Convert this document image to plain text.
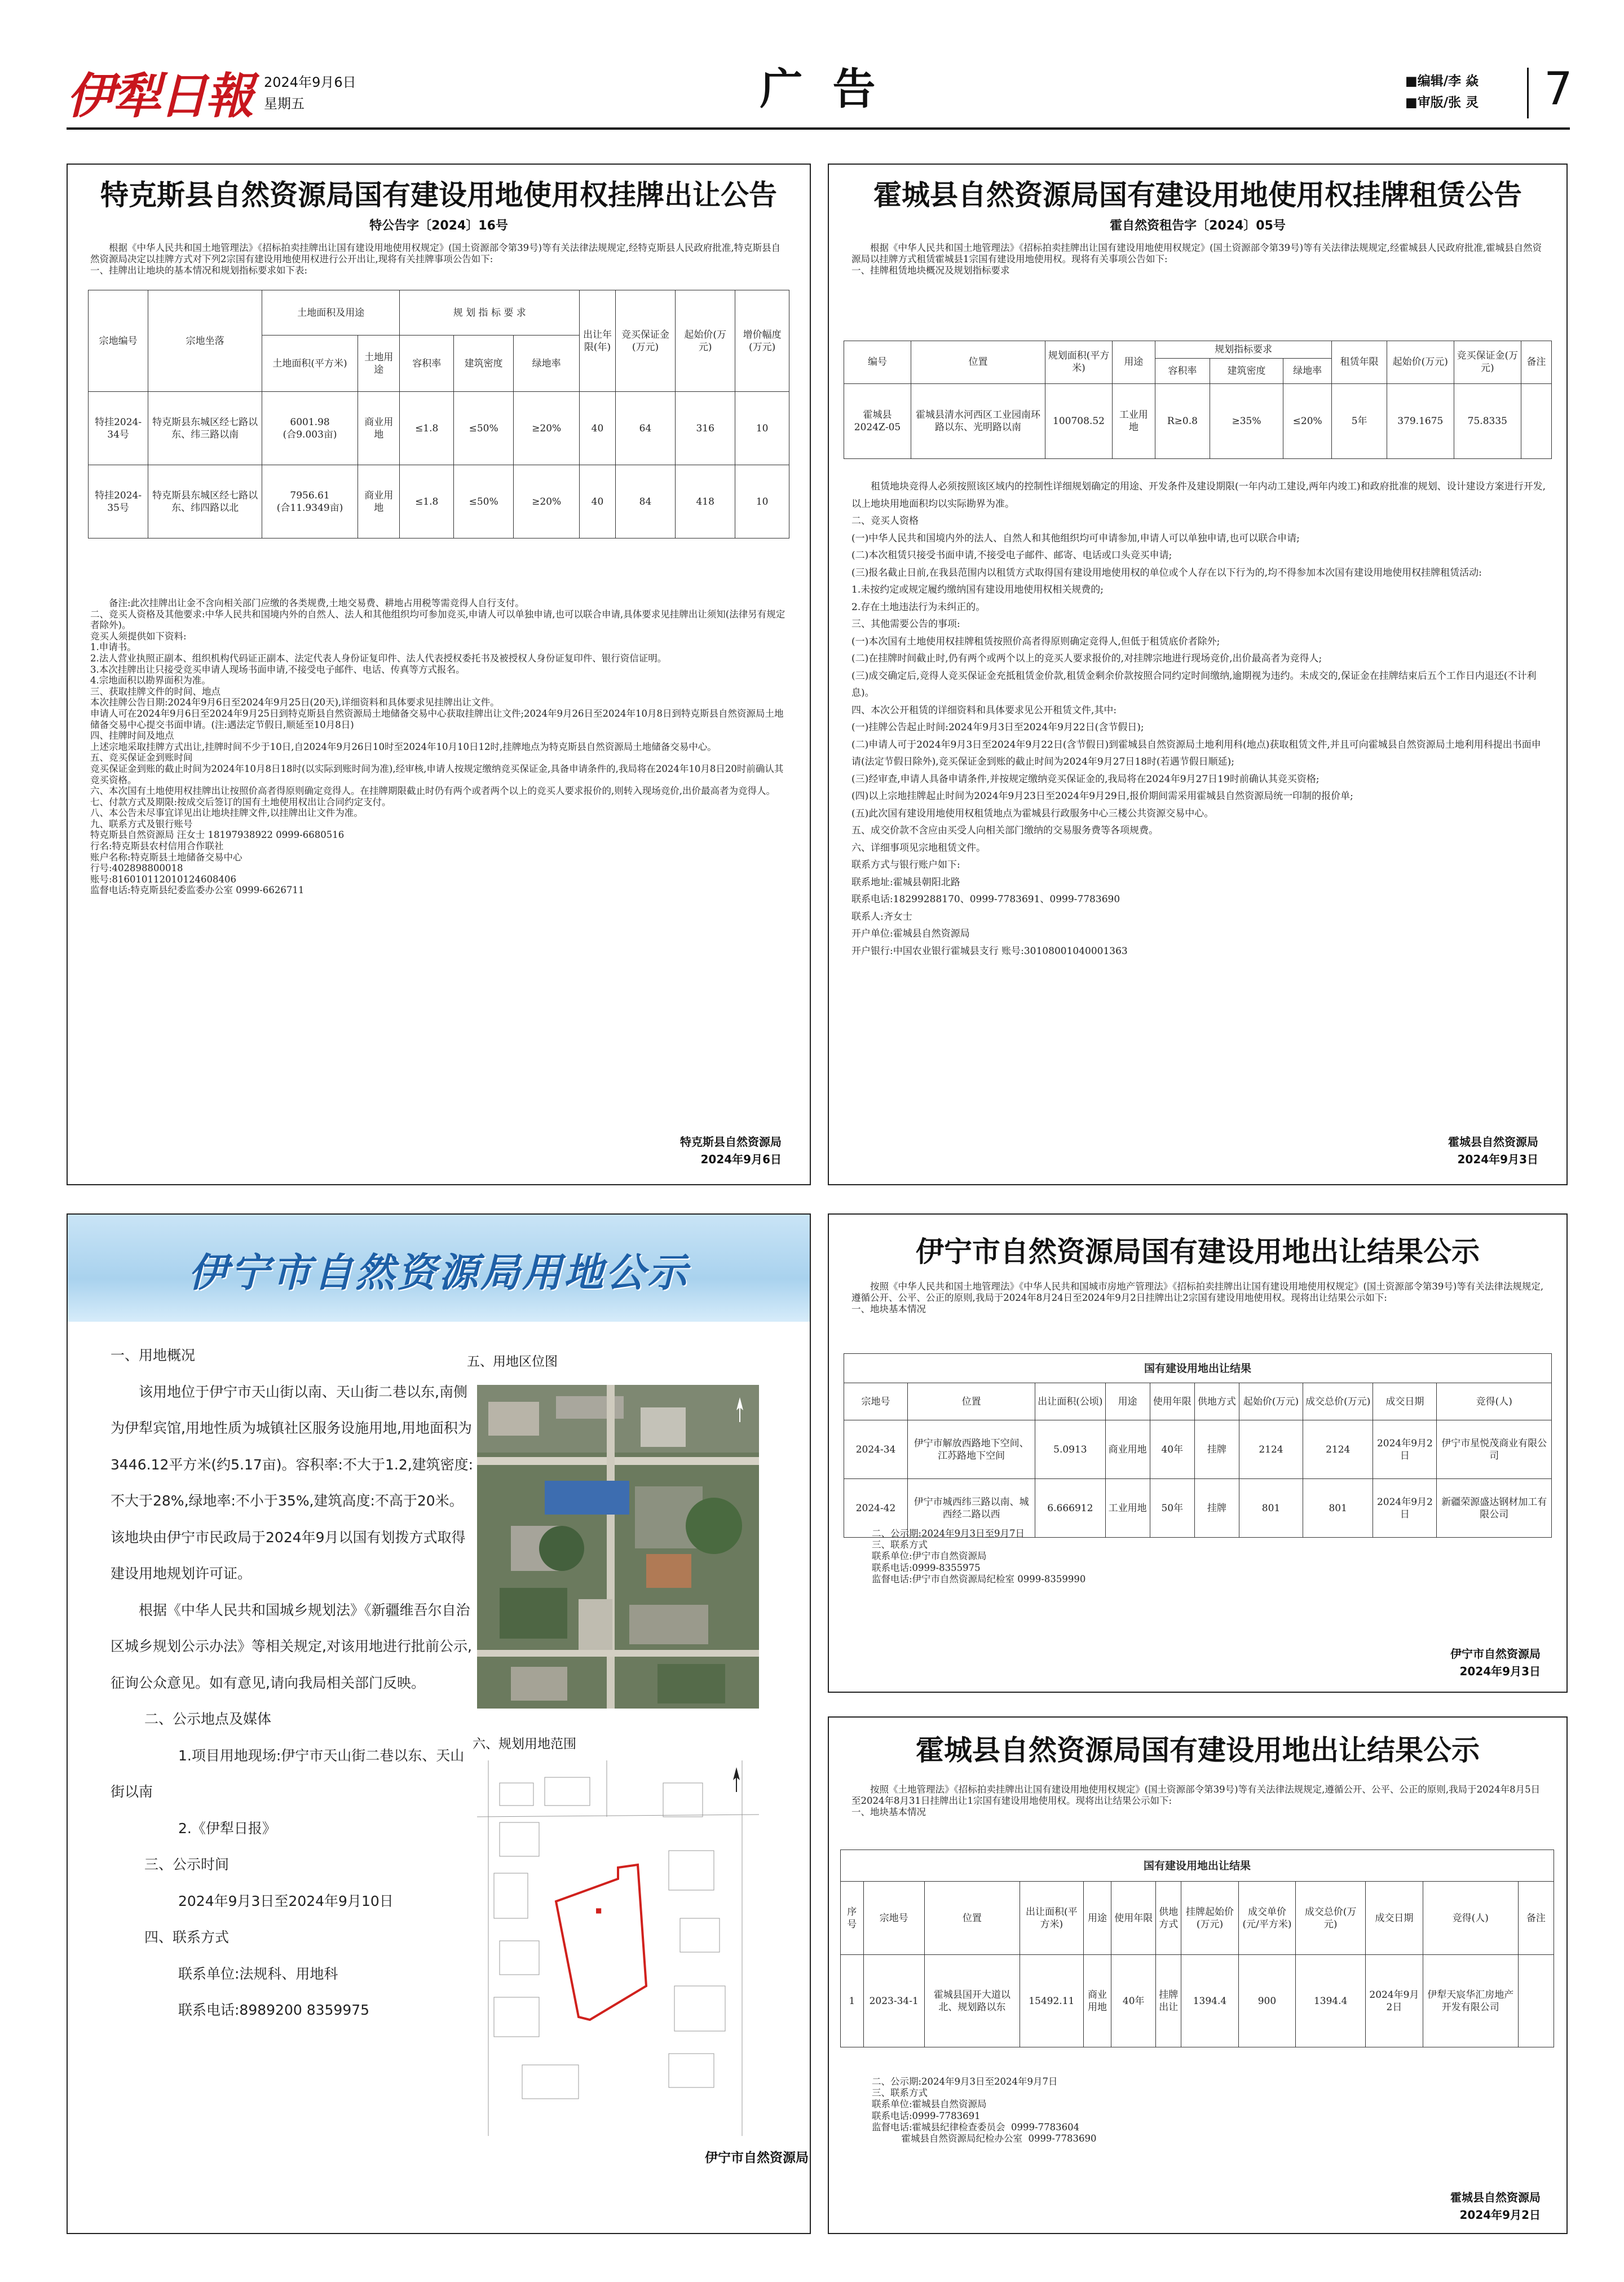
伊犁日報 2024年9月6日
星期五	广  告	■编辑/李 焱
■审版/张 灵 7
特克斯县自然资源局国有建设用地使用权挂牌出让公告
特公告字〔2024〕16号
根据《中华人民共和国土地管理法》《招标拍卖挂牌出让国有建设用地使用权规定》(国土资源部令第39号)等有关法律法规规定,经特克斯县人民政府批准,特克斯县自然资源局决定以挂牌方式对下列2宗国有建设用地使用权进行公开出让,现将有关挂牌事项公告如下:
一、挂牌出让地块的基本情况和规划指标要求如下表:
宗地编号	宗地坐落	土地面积及用途		规 划 指 标 要 求			出让年限(年)	竞买保证金(万元)	起始价(万元)	增价幅度(万元)
		土地面积(平方米)	土地用途	容积率	建筑密度	绿地率				
特挂2024-34号	特克斯县东城区经七路以东、纬三路以南	6001.98
(合9.003亩)	商业用地	≤1.8	≤50%	≥20%	40	64	316	10
特挂2024-35号	特克斯县东城区经七路以东、纬四路以北	7956.61
(合11.9349亩)	商业用地	≤1.8	≤50%	≥20%	40	84	418	10
备注:此次挂牌出让金不含向相关部门应缴的各类规费,土地交易费、耕地占用税等需竞得人自行支付。
二、竞买人资格及其他要求:中华人民共和国境内外的自然人、法人和其他组织均可参加竞买,申请人可以单独申请,也可以联合申请,具体要求见挂牌出让须知(法律另有规定者除外)。
竞买人须提供如下资料:
1.申请书。
2.法人营业执照正副本、组织机构代码证正副本、法定代表人身份证复印件、法人代表授权委托书及被授权人身份证复印件、银行资信证明。
3.本次挂牌出让只接受竞买申请人现场书面申请,不接受电子邮件、电话、传真等方式报名。
4.宗地面积以勘界面积为准。
三、获取挂牌文件的时间、地点
本次挂牌公告日期:2024年9月6日至2024年9月25日(20天),详细资料和具体要求见挂牌出让文件。
申请人可在2024年9月6日至2024年9月25日到特克斯县自然资源局土地储备交易中心获取挂牌出让文件;2024年9月26日至2024年10月8日到特克斯县自然资源局土地储备交易中心提交书面申请。(注:遇法定节假日,顺延至10月8日)
四、挂牌时间及地点
上述宗地采取挂牌方式出让,挂牌时间不少于10日,自2024年9月26日10时至2024年10月10日12时,挂牌地点为特克斯县自然资源局土地储备交易中心。
五、竞买保证金到账时间
竞买保证金到账的截止时间为2024年10月8日18时(以实际到账时间为准),经审核,申请人按规定缴纳竞买保证金,具备申请条件的,我局将在2024年10月8日20时前确认其竞买资格。
六、本次国有土地使用权挂牌出让按照价高者得原则确定竞得人。在挂牌期限截止时仍有两个或者两个以上的竞买人要求报价的,则转入现场竞价,出价最高者为竞得人。
七、付款方式及期限:按成交后签订的国有土地使用权出让合同约定支付。
八、本公告未尽事宜详见出让地块挂牌文件,以挂牌出让文件为准。
九、联系方式及银行账号
特克斯县自然资源局 汪女士 18197938922 0999-6680516
行名:特克斯县农村信用合作联社
账户名称:特克斯县土地储备交易中心
行号:402898800018
账号:816010112010124608406
监督电话:特克斯县纪委监委办公室 0999-6626711
特克斯县自然资源局
2024年9月6日
霍城县自然资源局国有建设用地使用权挂牌租赁公告
霍自然资租告字〔2024〕05号
根据《中华人民共和国土地管理法》《招标拍卖挂牌出让国有建设用地使用权规定》(国土资源部令第39号)等有关法律法规规定,经霍城县人民政府批准,霍城县自然资源局以挂牌方式租赁霍城县1宗国有建设用地使用权。现将有关事项公告如下:
一、挂牌租赁地块概况及规划指标要求
编号	位置	规划面积(平方米)	用途	规划指标要求			租赁年限	起始价(万元)	竞买保证金(万元)	备注
				容积率	建筑密度	绿地率				
霍城县2024Z-05	霍城县清水河西区工业园南环路以东、光明路以南	100708.52	工业用地	R≥0.8	≥35%	≤20%	5年	379.1675	75.8335	
租赁地块竞得人必须按照该区域内的控制性详细规划确定的用途、开发条件及建设期限(一年内动工建设,两年内竣工)和政府批准的规划、设计建设方案进行开发,以上地块用地面积均以实际勘界为准。
二、竞买人资格
(一)中华人民共和国境内外的法人、自然人和其他组织均可申请参加,申请人可以单独申请,也可以联合申请;
(二)本次租赁只接受书面申请,不接受电子邮件、邮寄、电话或口头竞买申请;
(三)报名截止日前,在我县范围内以租赁方式取得国有建设用地使用权的单位或个人存在以下行为的,均不得参加本次国有建设用地使用权挂牌租赁活动:
1.未按约定或规定履约缴纳国有建设用地使用权相关规费的;
2.存在土地违法行为未纠正的。
三、其他需要公告的事项:
(一)本次国有土地使用权挂牌租赁按照价高者得原则确定竞得人,但低于租赁底价者除外;
(二)在挂牌时间截止时,仍有两个或两个以上的竞买人要求报价的,对挂牌宗地进行现场竞价,出价最高者为竞得人;
(三)成交确定后,竞得人竞买保证金充抵租赁金价款,租赁金剩余价款按照合同约定时间缴纳,逾期视为违约。未成交的,保证金在挂牌结束后五个工作日内退还(不计利息)。
四、本次公开租赁的详细资料和具体要求见公开租赁文件,其中:
(一)挂牌公告起止时间:2024年9月3日至2024年9月22日(含节假日);
(二)申请人可于2024年9月3日至2024年9月22日(含节假日)到霍城县自然资源局土地利用科(地点)获取租赁文件,并且可向霍城县自然资源局土地利用科提出书面申请(法定节假日除外),竞买保证金到账的截止时间为2024年9月27日18时(若遇节假日顺延);
(三)经审查,申请人具备申请条件,并按规定缴纳竞买保证金的,我局将在2024年9月27日19时前确认其竞买资格;
(四)以上宗地挂牌起止时间为2024年9月23日至2024年9月29日,报价期间需采用霍城县自然资源局统一印制的报价单;
(五)此次国有建设用地使用权租赁地点为霍城县行政服务中心三楼公共资源交易中心。
五、成交价款不含应由买受人向相关部门缴纳的交易服务费等各项规费。
六、详细事项见宗地租赁文件。
联系方式与银行账户如下:
联系地址:霍城县朝阳北路
联系电话:18299288170、0999-7783691、0999-7783690
联系人:齐女士
开户单位:霍城县自然资源局
开户银行:中国农业银行霍城县支行 账号:30108001040001363
霍城县自然资源局
2024年9月3日
伊宁市自然资源局用地公示

一、用地概况

该用地位于伊宁市天山街以南、天山街二巷以东,南侧为伊犁宾馆,用地性质为城镇社区服务设施用地,用地面积为3446.12平方米(约5.17亩)。容积率:不大于1.2,建筑密度:不大于28%,绿地率:不小于35%,建筑高度:不高于20米。该地块由伊宁市民政局于2024年9月以国有划拨方式取得建设用地规划许可证。

根据《中华人民共和国城乡规划法》《新疆维吾尔自治区城乡规划公示办法》等相关规定,对该用地进行批前公示,征询公众意见。如有意见,请向我局相关部门反映。

二、公示地点及媒体

1.项目用地现场:伊宁市天山街二巷以东、天山街以南

2.《伊犁日报》

三、公示时间

2024年9月3日至2024年9月10日

四、联系方式

联系单位:法规科、用地科

联系电话:8989200 8359975

五、用地区位图
六、规划用地范围
■
伊宁市自然资源局
伊宁市自然资源局国有建设用地出让结果公示
按照《中华人民共和国土地管理法》《中华人民共和国城市房地产管理法》《招标拍卖挂牌出让国有建设用地使用权规定》(国土资源部令第39号)等有关法律法规规定,遵循公开、公平、公正的原则,我局于2024年8月24日至2024年9月2日挂牌出让2宗国有建设用地使用权。现将出让结果公示如下:
一、地块基本情况
国有建设用地出让结果									
宗地号	位置	出让面积(公顷)	用途	使用年限	供地方式	起始价(万元)	成交总价(万元)	成交日期	竞得(人)
2024-34	伊宁市解放西路地下空间、江苏路地下空间	5.0913	商业用地	40年	挂牌	2124	2124	2024年9月2日	伊宁市星悦茂商业有限公司
2024-42	伊宁市城西纬三路以南、城西经二路以西	6.666912	工业用地	50年	挂牌	801	801	2024年9月2日	新疆荣源盛达钢材加工有限公司
二、公示期:2024年9月3日至9月7日
三、联系方式
联系单位:伊宁市自然资源局
联系电话:0999-8355975
监督电话:伊宁市自然资源局纪检室 0999-8359990
伊宁市自然资源局
2024年9月3日
霍城县自然资源局国有建设用地出让结果公示
按照《土地管理法》《招标拍卖挂牌出让国有建设用地使用权规定》(国土资源部令第39号)等有关法律法规规定,遵循公开、公平、公正的原则,我局于2024年8月5日至2024年8月31日挂牌出让1宗国有建设用地使用权。现将出让结果公示如下:
一、地块基本情况
国有建设用地出让结果												
序号	宗地号	位置	出让面积(平方米)	用途	使用年限	供地方式	挂牌起始价(万元)	成交单价(元/平方米)	成交总价(万元)	成交日期	竞得(人)	备注
1	2023-34-1	霍城县国开大道以北、规划路以东	15492.11	商业用地	40年	挂牌出让	1394.4	900	1394.4	2024年9月2日	伊犁天宸华汇房地产开发有限公司	
二、公示期:2024年9月3日至2024年9月7日
三、联系方式
联系单位:霍城县自然资源局
联系电话:0999-7783691
监督电话:霍城县纪律检查委员会  0999-7783604
霍城县自然资源局纪检办公室  0999-7783690
霍城县自然资源局
2024年9月2日
